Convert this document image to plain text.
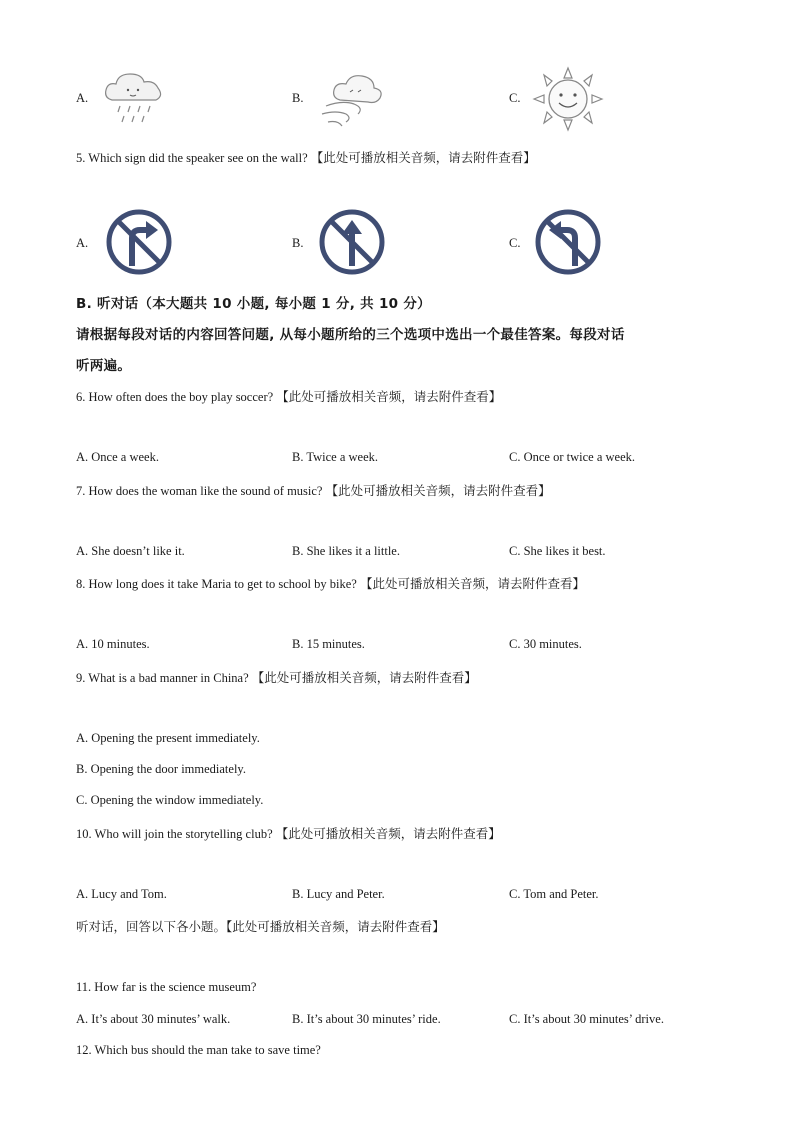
A.	B.	C.
5. Which sign did the speaker see on the wall? 【此处可播放相关音频，请去附件查看】
A.	B.	C.
B. 听对话（本大题共 10 小题, 每小题 1 分, 共 10 分）
请根据每段对话的内容回答问题, 从每小题所给的三个选项中选出一个最佳答案。每段对话
听两遍。
6. How often does the boy play soccer? 【此处可播放相关音频，请去附件查看】
A. Once a week.	B. Twice a week.	C. Once or twice a week.
7. How does the woman like the sound of music? 【此处可播放相关音频，请去附件查看】
A. She doesn’t like it.	B. She likes it a little.	C. She likes it best.
8. How long does it take Maria to get to school by bike? 【此处可播放相关音频，请去附件查看】
A. 10 minutes.	B. 15 minutes.	C. 30 minutes.
9. What is a bad manner in China? 【此处可播放相关音频，请去附件查看】
A. Opening the present immediately.
B. Opening the door immediately.
C. Opening the window immediately.
10. Who will join the storytelling club? 【此处可播放相关音频，请去附件查看】
A. Lucy and Tom.	B. Lucy and Peter.	C. Tom and Peter.
听对话，回答以下各小题。【此处可播放相关音频，请去附件查看】
11. How far is the science museum?
A. It’s about 30 minutes’ walk.	B. It’s about 30 minutes’ ride.	C. It’s about 30 minutes’ drive.
12. Which bus should the man take to save time?
